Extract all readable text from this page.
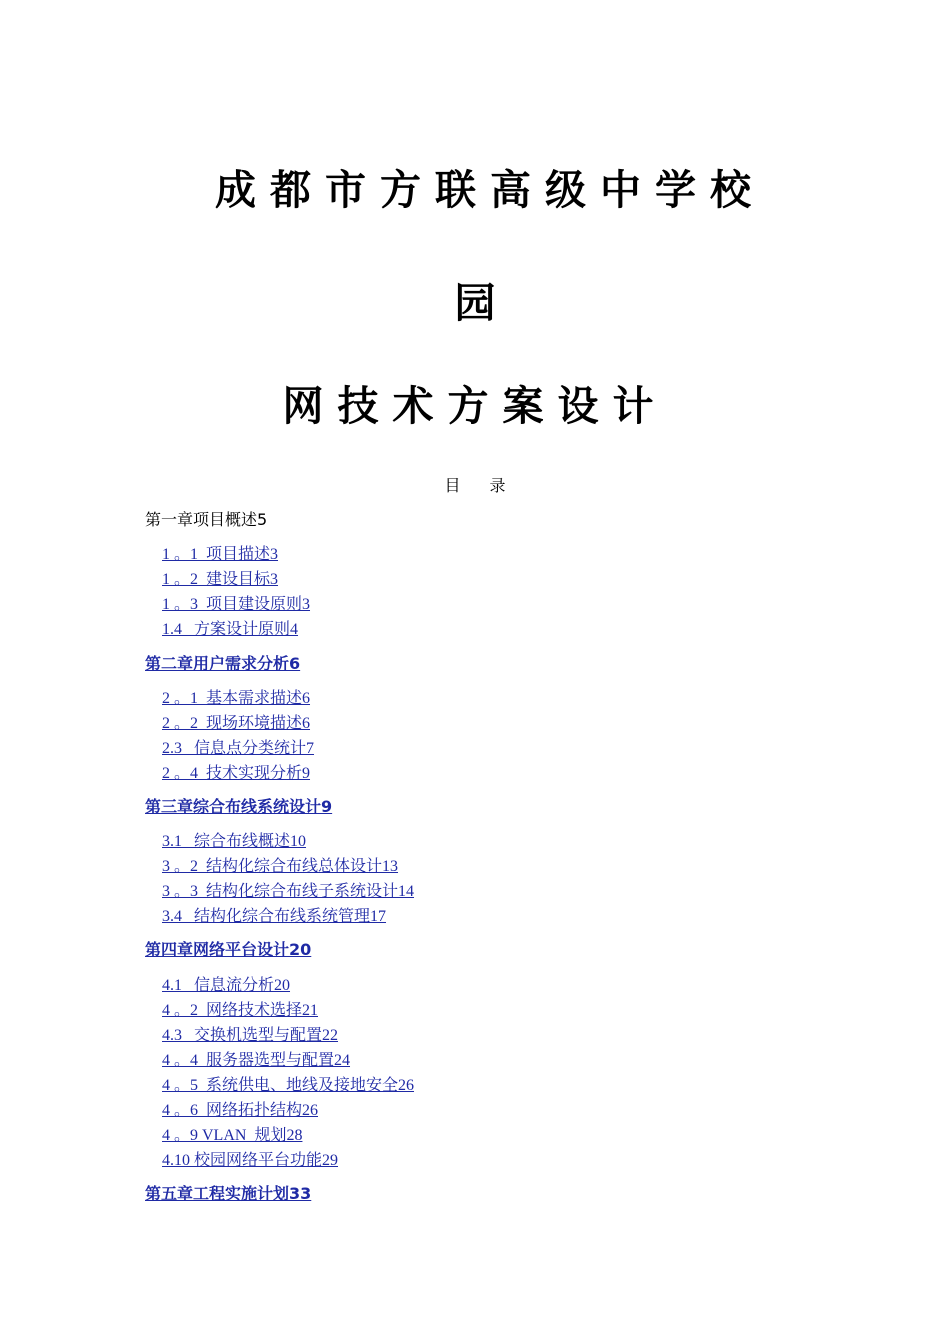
成都市方联高级中学校
园
网技术方案设计
目 录
第一章项目概述5
1 。1  项目描述3
1 。2  建设目标3
1 。3  项目建设原则3
1.4   方案设计原则4
第二章用户需求分析6
2 。1  基本需求描述6
2 。2  现场环境描述6
2.3   信息点分类统计7
2 。4  技术实现分析9
第三章综合布线系统设计9
3.1   综合布线概述10
3 。2  结构化综合布线总体设计13
3 。3  结构化综合布线子系统设计14
3.4   结构化综合布线系统管理17
第四章网络平台设计20
4.1   信息流分析20
4 。2  网络技术选择21
4.3   交换机选型与配置22
4 。4  服务器选型与配置24
4 。5  系统供电、地线及接地安全26
4 。6  网络拓扑结构26
4 。9 VLAN  规划28
4.10 校园网络平台功能29
第五章工程实施计划33
